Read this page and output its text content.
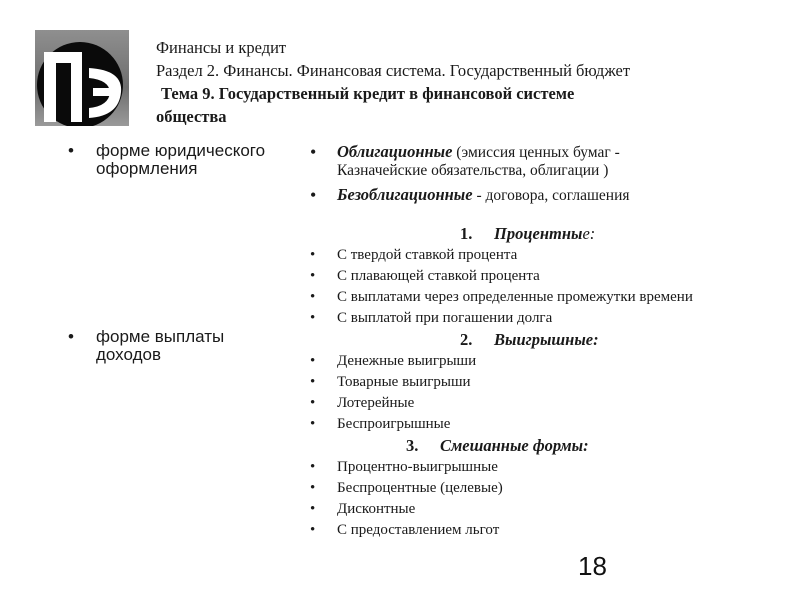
Финансы и кредит
Раздел 2. Финансы. Финансовая система. Государственный бюджет
Тема 9. Государственный кредит в финансовой системе
общества
• форме юридического оформления
• форме выплаты доходов
• Облигационные (эмиссия ценных бумаг -
Казначейские обязательства, облигации )
• Безоблигационные - договора, соглашения
1. Процентные:
• С твердой ставкой процента
• С плавающей ставкой процента
• С выплатами через определенные промежутки времени
• С выплатой при погашении долга
2. Выигрышные:
• Денежные выигрыши
• Товарные выигрыши
• Лотерейные
• Беспроигрышные
3. Смешанные формы:
• Процентно-выигрышные
• Беспроцентные (целевые)
• Дисконтные
• С предоставлением льгот
18
